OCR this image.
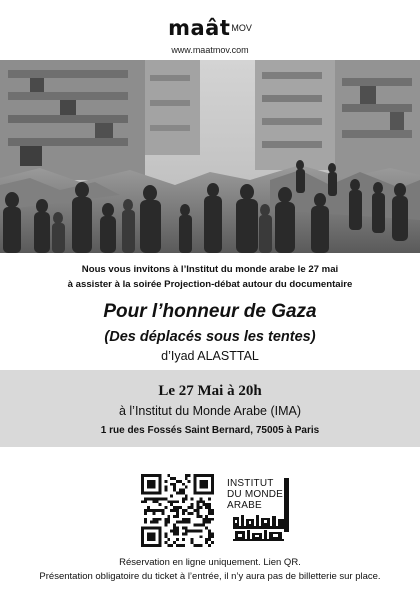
maât$^{MOV}$
www.maatmov.com
Nous vous invitons à l’Institut du monde arabe le 27 mai
à assister à la soirée Projection-débat autour du documentaire
Pour l’honneur de Gaza
(Des déplacés sous les tentes)
d’Iyad ALASTTAL
Le 27 Mai à 20h
à l’Institut du Monde Arabe (IMA)
1 rue des Fossés Saint Bernard, 75005 à Paris
INSTITUT
DU MONDE
ARABE
Réservation en ligne uniquement. Lien QR.
Présentation obligatoire du ticket à l’entrée, il n’y aura pas de billetterie sur place.
